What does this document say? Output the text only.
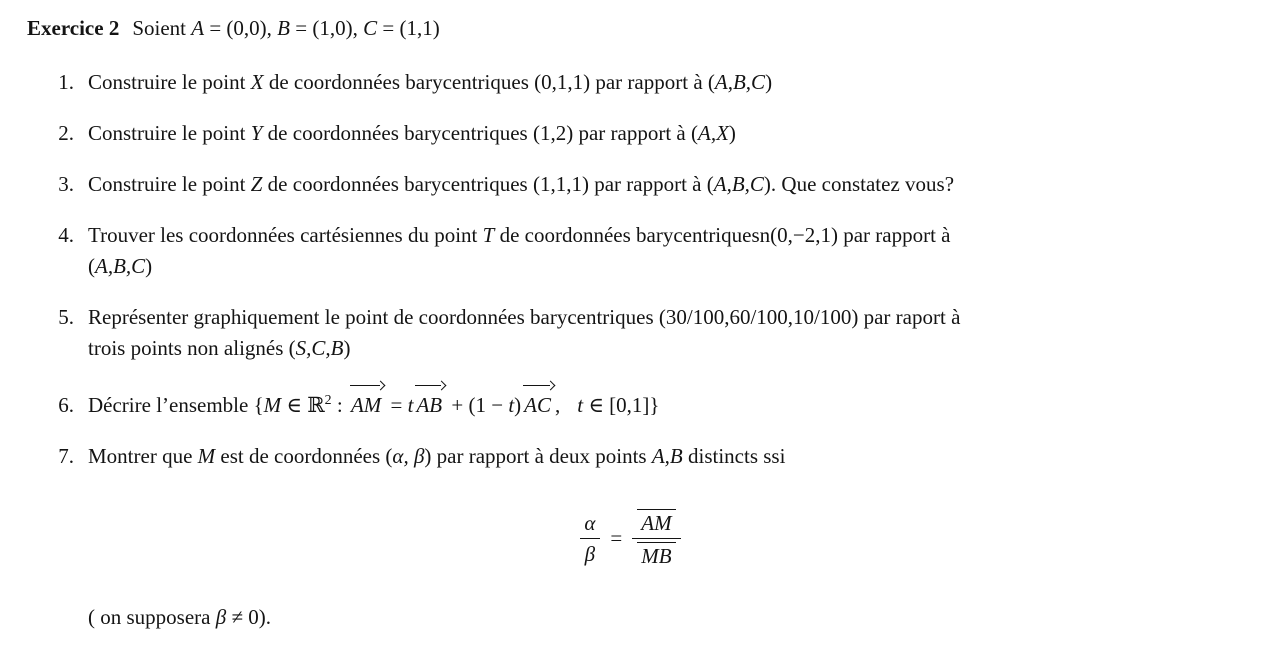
Exercice 2 Soient A = (0,0), B = (1,0), C = (1,1)
1. Construire le point X de coordonnées barycentriques (0,1,1) par rapport à (A,B,C)
2. Construire le point Y de coordonnées barycentriques (1,2) par rapport à (A,X)
3. Construire le point Z de coordonnées barycentriques (1,1,1) par rapport à (A,B,C). Que constatez vous?
4. Trouver les coordonnées cartésiennes du point T de coordonnées barycentriquesn(0,−2,1) par rapport à
(A,B,C)
5. Représenter graphiquement le point de coordonnées barycentriques (30/100,60/100,10/100) par raport à
trois points non alignés (S,C,B)
6. Décrire l’ensemble {M ∈ ℝ$^2$ : AM = t AB + (1 − t) AC , t ∈ [0,1]}
7. Montrer que M est de coordonnées (α, β) par rapport à deux points A,B distincts ssi
$\frac{\alpha}{\beta} = \frac{AM}{MB}$
( on supposera β ≠ 0).
